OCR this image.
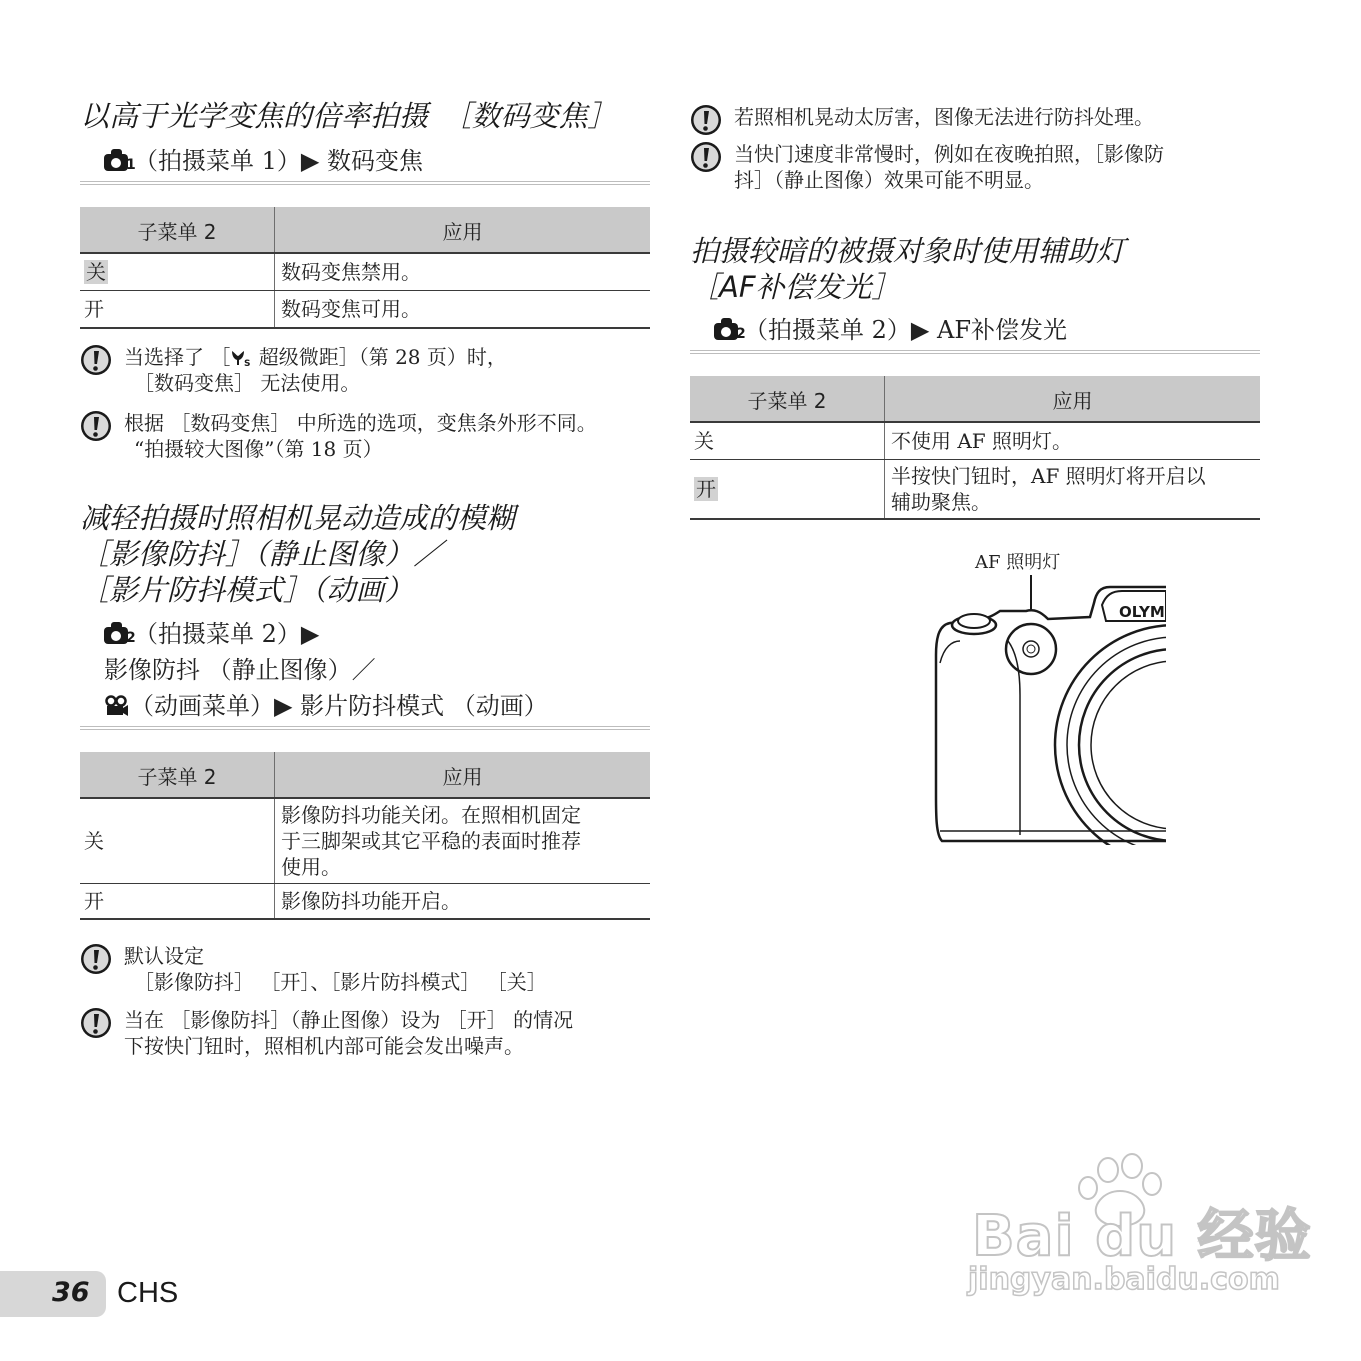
以高于光学变焦的倍率拍摄　［数码变焦］
1
（拍摄菜单 1）▶ 数码变焦
子菜单 2	应用
关	数码变焦禁用。
开	数码变焦可用。
当选择了 ［ S 超级微距］（第 28 页）时，
［数码变焦］ 无法使用。
根据 ［数码变焦］ 中所选的选项，变焦条外形不同。
“拍摄较大图像”（第 18 页）
减轻拍摄时照相机晃动造成的模糊
［影像防抖］（静止图像）／
［影片防抖模式］（动画）
2
（拍摄菜单 2）▶
影像防抖 （静止图像）／
（动画菜单）▶ 影片防抖模式 （动画）
子菜单 2	应用
关	影像防抖功能关闭。在照相机固定
于三脚架或其它平稳的表面时推荐
使用。

开	影像防抖功能开启。
默认设定
［影像防抖］ ［开］、［影片防抖模式］ ［关］
当在 ［影像防抖］（静止图像）设为 ［开］ 的情况
下按快门钮时，照相机内部可能会发出噪声。
若照相机晃动太厉害，图像无法进行防抖处理。
当快门速度非常慢时，例如在夜晚拍照，［影像防
抖］（静止图像）效果可能不明显。
拍摄较暗的被摄对象时使用辅助灯
［AF补偿发光］
2
（拍摄菜单 2）▶ AF补偿发光
子菜单 2	应用
关	不使用 AF 照明灯。
开	半按快门钮时，AF 照明灯将开启以
辅助聚焦。
AF 照明灯
OLYM
36 CHS
Bai du 经验
jingyan.baidu.com
